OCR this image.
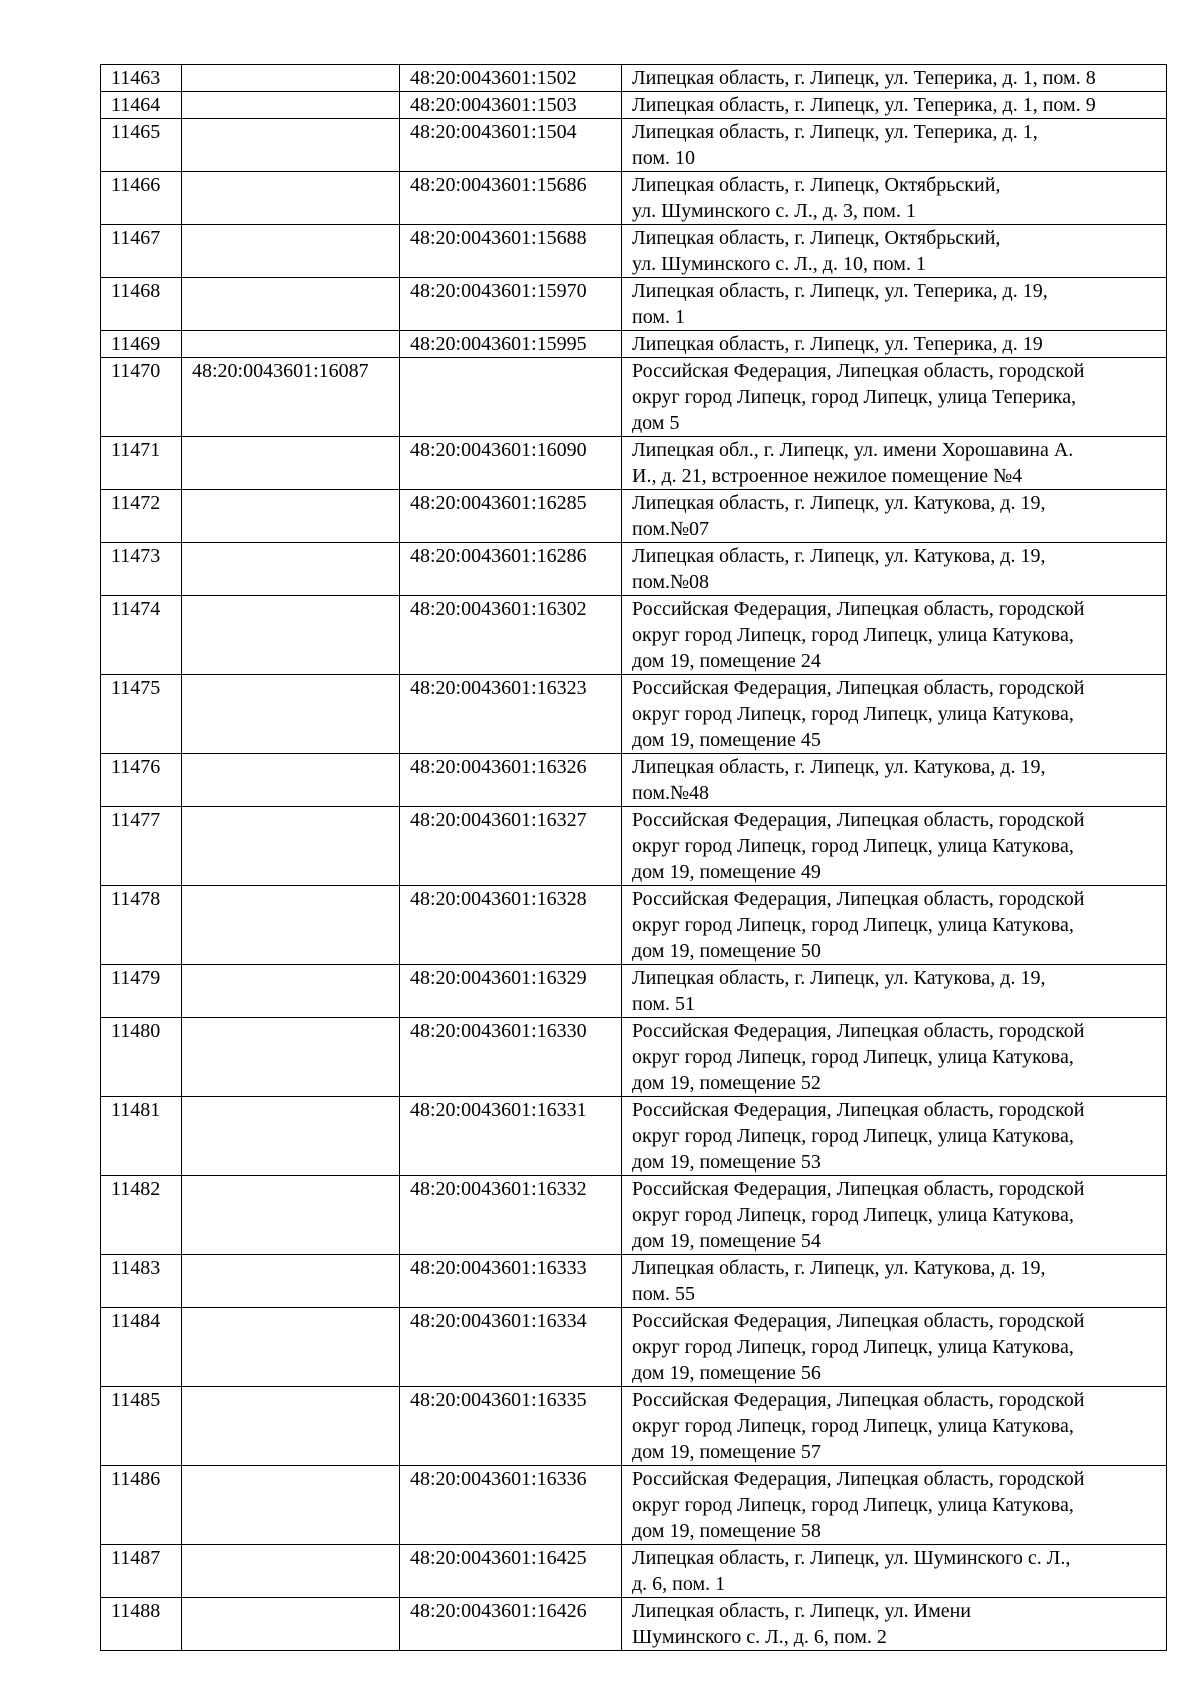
11463		48:20:0043601:1502	Липецкая область, г. Липецк, ул. Теперика, д. 1, пом. 8
11464		48:20:0043601:1503	Липецкая область, г. Липецк, ул. Теперика, д. 1, пом. 9
11465		48:20:0043601:1504	Липецкая область, г. Липецк, ул. Теперика, д. 1,
пом. 10
11466		48:20:0043601:15686	Липецкая область, г. Липецк, Октябрьский,
ул. Шуминского с. Л., д. 3, пом. 1
11467		48:20:0043601:15688	Липецкая область, г. Липецк, Октябрьский,
ул. Шуминского с. Л., д. 10, пом. 1
11468		48:20:0043601:15970	Липецкая область, г. Липецк, ул. Теперика, д. 19,
пом. 1
11469		48:20:0043601:15995	Липецкая область, г. Липецк, ул. Теперика, д. 19
11470	48:20:0043601:16087		Российская Федерация, Липецкая область, городской
округ город Липецк, город Липецк, улица Теперика,
дом 5
11471		48:20:0043601:16090	Липецкая обл., г. Липецк, ул. имени Хорошавина А.
И., д. 21, встроенное нежилое помещение №4
11472		48:20:0043601:16285	Липецкая область, г. Липецк, ул. Катукова, д. 19,
пом.№07
11473		48:20:0043601:16286	Липецкая область, г. Липецк, ул. Катукова, д. 19,
пом.№08
11474		48:20:0043601:16302	Российская Федерация, Липецкая область, городской
округ город Липецк, город Липецк, улица Катукова,
дом 19, помещение 24
11475		48:20:0043601:16323	Российская Федерация, Липецкая область, городской
округ город Липецк, город Липецк, улица Катукова,
дом 19, помещение 45
11476		48:20:0043601:16326	Липецкая область, г. Липецк, ул. Катукова, д. 19,
пом.№48
11477		48:20:0043601:16327	Российская Федерация, Липецкая область, городской
округ город Липецк, город Липецк, улица Катукова,
дом 19, помещение 49
11478		48:20:0043601:16328	Российская Федерация, Липецкая область, городской
округ город Липецк, город Липецк, улица Катукова,
дом 19, помещение 50
11479		48:20:0043601:16329	Липецкая область, г. Липецк, ул. Катукова, д. 19,
пом. 51
11480		48:20:0043601:16330	Российская Федерация, Липецкая область, городской
округ город Липецк, город Липецк, улица Катукова,
дом 19, помещение 52
11481		48:20:0043601:16331	Российская Федерация, Липецкая область, городской
округ город Липецк, город Липецк, улица Катукова,
дом 19, помещение 53
11482		48:20:0043601:16332	Российская Федерация, Липецкая область, городской
округ город Липецк, город Липецк, улица Катукова,
дом 19, помещение 54
11483		48:20:0043601:16333	Липецкая область, г. Липецк, ул. Катукова, д. 19,
пом. 55
11484		48:20:0043601:16334	Российская Федерация, Липецкая область, городской
округ город Липецк, город Липецк, улица Катукова,
дом 19, помещение 56
11485		48:20:0043601:16335	Российская Федерация, Липецкая область, городской
округ город Липецк, город Липецк, улица Катукова,
дом 19, помещение 57
11486		48:20:0043601:16336	Российская Федерация, Липецкая область, городской
округ город Липецк, город Липецк, улица Катукова,
дом 19, помещение 58
11487		48:20:0043601:16425	Липецкая область, г. Липецк, ул. Шуминского с. Л.,
д. 6, пом. 1
11488		48:20:0043601:16426	Липецкая область, г. Липецк, ул. Имени
Шуминского с. Л., д. 6, пом. 2
